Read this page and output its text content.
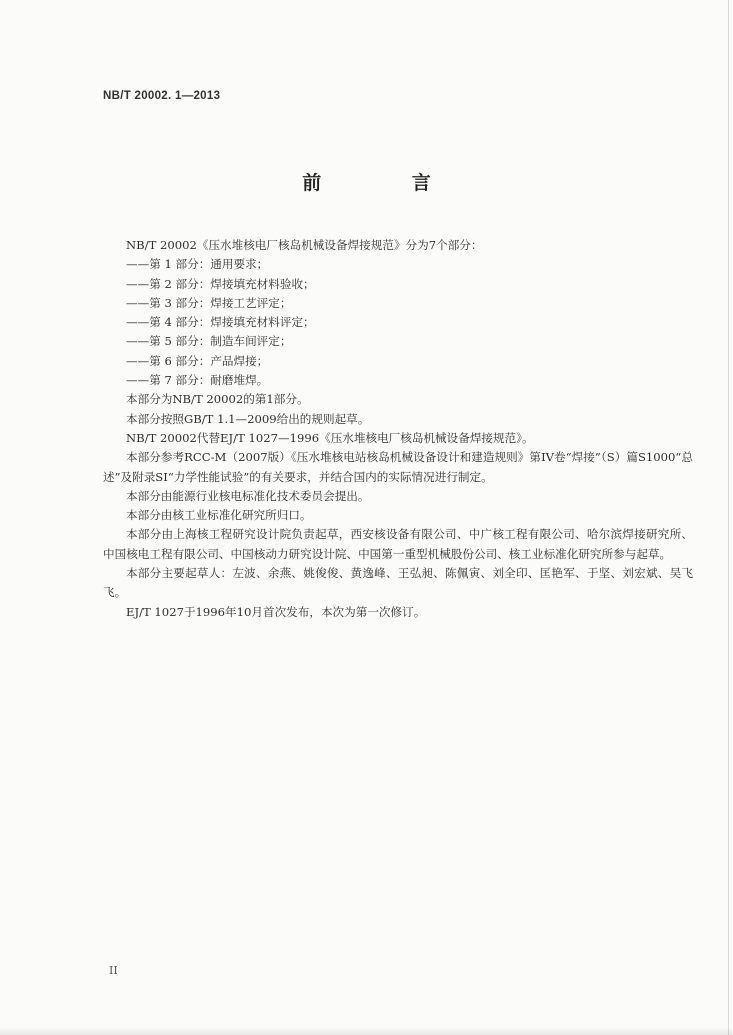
NB/T 20002. 1—2013
前 言

NB/T 20002《压水堆核电厂核岛机械设备焊接规范》分为7个部分：

——第 1 部分：通用要求；

——第 2 部分：焊接填充材料验收；

——第 3 部分：焊接工艺评定；

——第 4 部分：焊接填充材料评定；

——第 5 部分：制造车间评定；

——第 6 部分：产品焊接；

——第 7 部分：耐磨堆焊。

本部分为NB/T 20002的第1部分。

本部分按照GB/T 1.1—2009给出的规则起草。

NB/T 20002代替EJ/T 1027—1996《压水堆核电厂核岛机械设备焊接规范》。

本部分参考RCC-M（2007版）《压水堆核电站核岛机械设备设计和建造规则》第IV卷“焊接”（S）篇S1000“总述”及附录SI“力学性能试验”的有关要求，并结合国内的实际情况进行制定。

本部分由能源行业核电标准化技术委员会提出。

本部分由核工业标准化研究所归口。

本部分由上海核工程研究设计院负责起草，西安核设备有限公司、中广核工程有限公司、哈尔滨焊接研究所、中国核电工程有限公司、中国核动力研究设计院、中国第一重型机械股份公司、核工业标准化研究所参与起草。

本部分主要起草人：左波、余燕、姚俊俊、黄逸峰、王弘昶、陈佩寅、刘全印、匡艳军、于坚、刘宏斌、吴飞飞。

EJ/T 1027于1996年10月首次发布，本次为第一次修订。

II
